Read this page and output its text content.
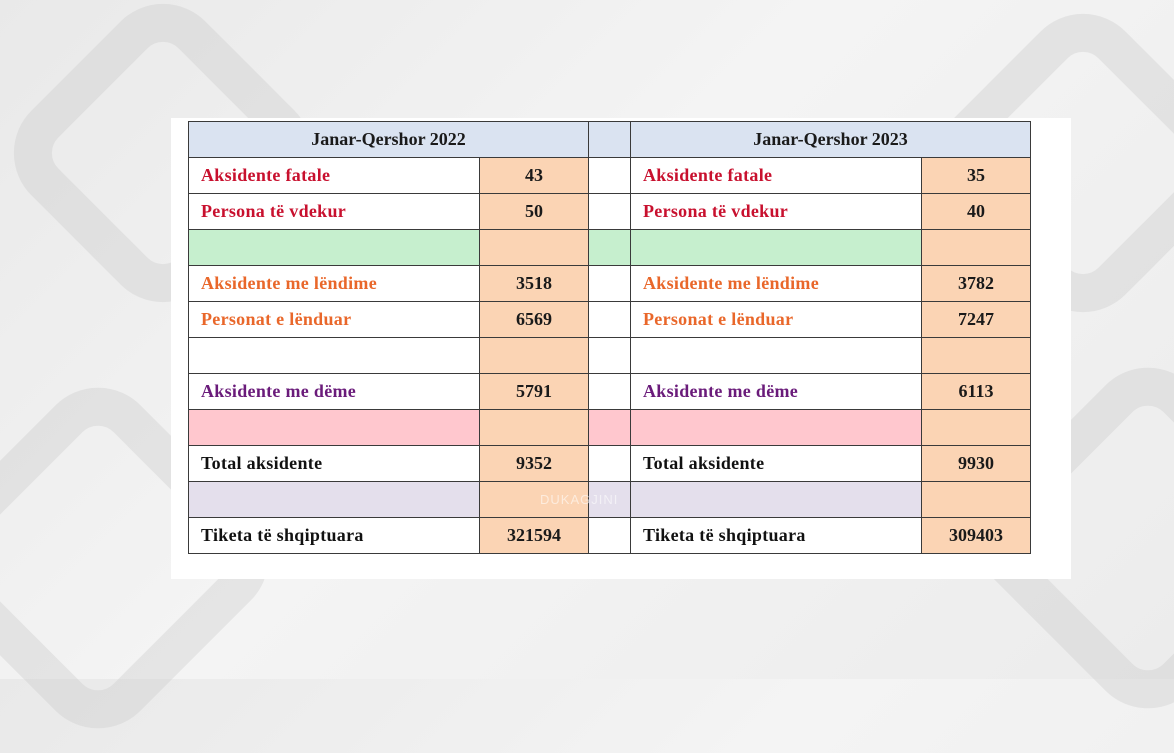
Janar-Qershor 2022			Janar-Qershor 2023	
Aksidente fatale	43		Aksidente fatale	35
Persona të vdekur	50		Persona të vdekur	40

Aksidente me lëndime	3518		Aksidente me lëndime	3782
Personat e lënduar	6569		Personat e lënduar	7247

Aksidente me dëme	5791		Aksidente me dëme	6113

Total aksidente	9352		Total aksidente	9930

Tiketa të shqiptuara	321594		Tiketa të shqiptuara	309403
DUKAGJINI
